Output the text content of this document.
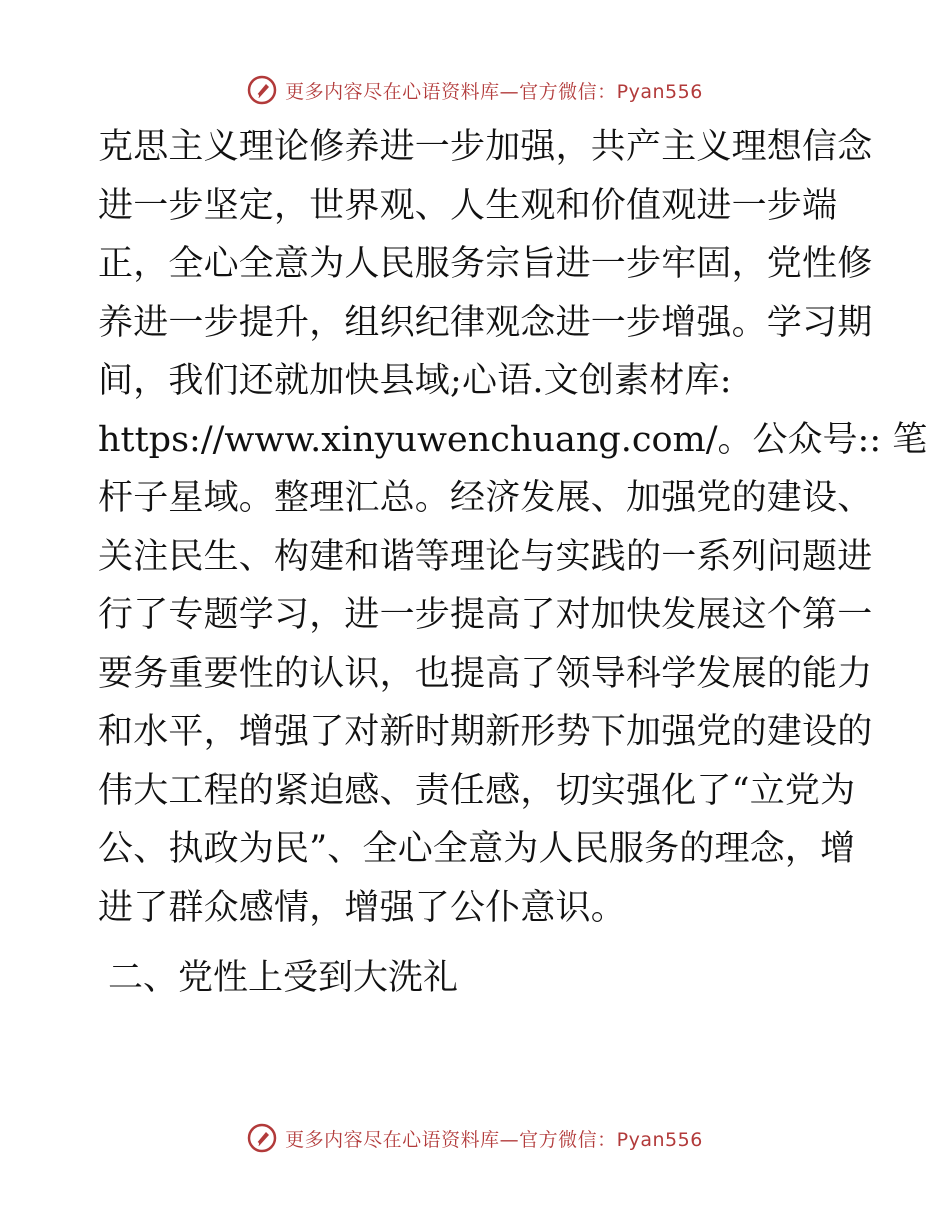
更多内容尽在心语资料库—官方微信：Pyan556
克思主义理论修养进一步加强，共产主义理想信念
进一步坚定，世界观、人生观和价值观进一步端
正，全心全意为人民服务宗旨进一步牢固，党性修
养进一步提升，组织纪律观念进一步增强。学习期
间，我们还就加快县域;心语.文创素材库:
https://www.xinyuwenchuang.com/。公众号:: 笔
杆子星域。整理汇总。经济发展、加强党的建设、
关注民生、构建和谐等理论与实践的一系列问题进
行了专题学习，进一步提高了对加快发展这个第一
要务重要性的认识，也提高了领导科学发展的能力
和水平，增强了对新时期新形势下加强党的建设的
伟大工程的紧迫感、责任感，切实强化了“立党为
公、执政为民”、全心全意为人民服务的理念，增
进了群众感情，增强了公仆意识。
二、党性上受到大洗礼
更多内容尽在心语资料库—官方微信：Pyan556
